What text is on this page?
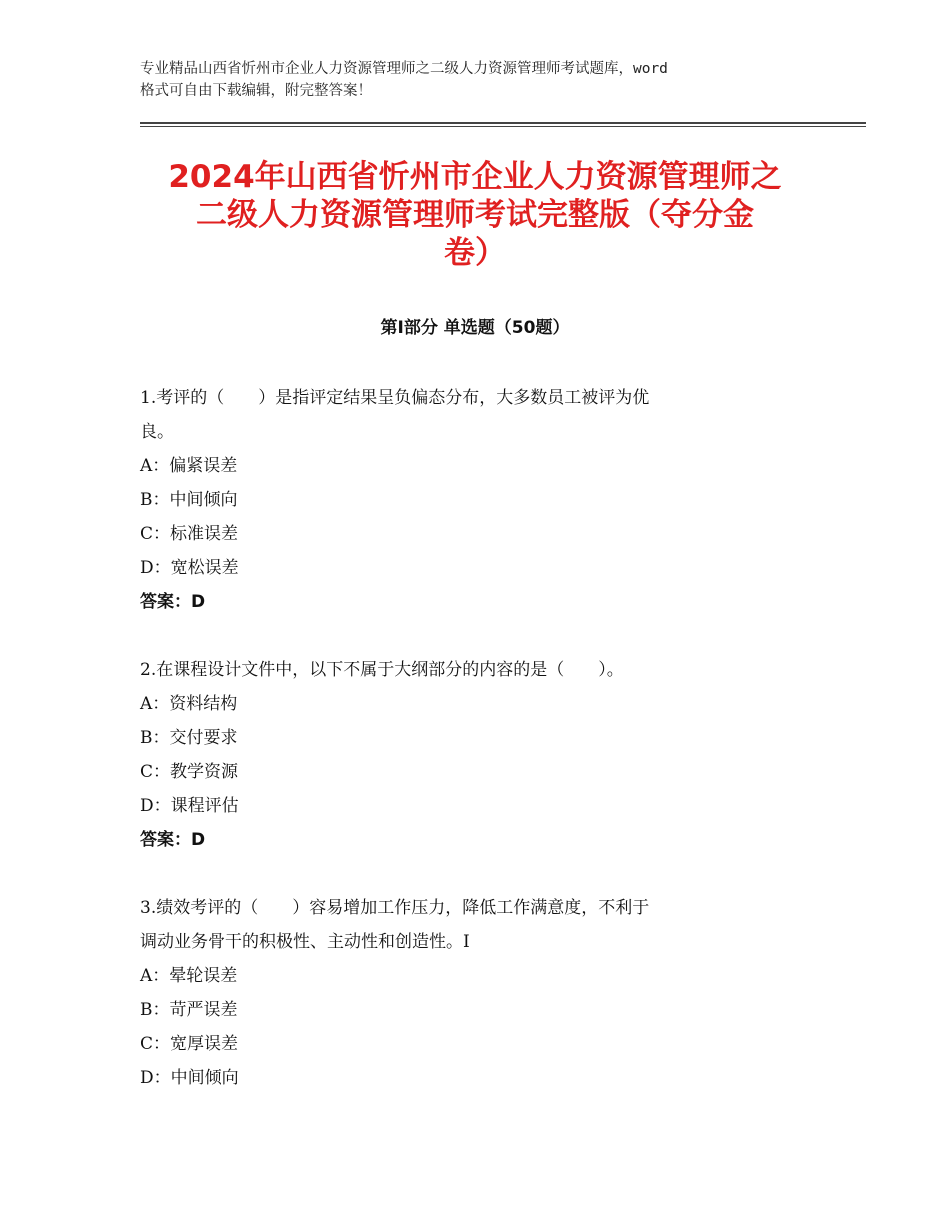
专业精品山西省忻州市企业人力资源管理师之二级人力资源管理师考试题库，word
格式可自由下载编辑，附完整答案！
2024年山西省忻州市企业人力资源管理师之
二级人力资源管理师考试完整版（夺分金
卷）
第Ⅰ部分 单选题（50题）
1.考评的（　　）是指评定结果呈负偏态分布，大多数员工被评为优
良。
A：偏紧误差
B：中间倾向
C：标准误差
D：宽松误差
答案：D
2.在课程设计文件中，以下不属于大纲部分的内容的是（　　）。
A：资料结构
B：交付要求
C：教学资源
D：课程评估
答案：D
3.绩效考评的（　　）容易增加工作压力，降低工作满意度，不利于
调动业务骨干的积极性、主动性和创造性。I
A：晕轮误差
B：苛严误差
C：宽厚误差
D：中间倾向
